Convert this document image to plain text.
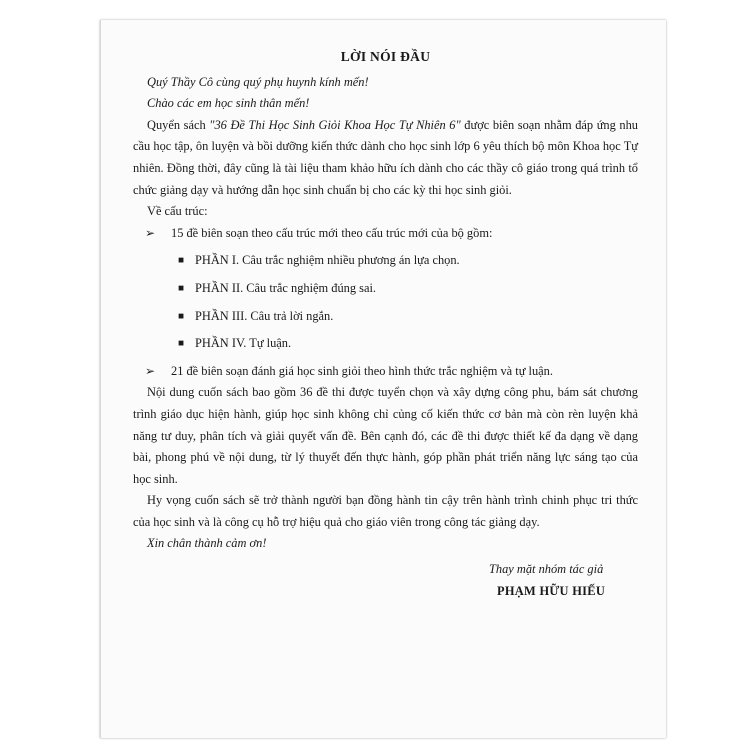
LỜI NÓI ĐẦU

Quý Thầy Cô cùng quý phụ huynh kính mến!

Chào các em học sinh thân mến!

Quyển sách "36 Đề Thi Học Sinh Giỏi Khoa Học Tự Nhiên 6" được biên soạn nhằm đáp ứng nhu cầu học tập, ôn luyện và bồi dưỡng kiến thức dành cho học sinh lớp 6 yêu thích bộ môn Khoa học Tự nhiên. Đồng thời, đây cũng là tài liệu tham khảo hữu ích dành cho các thầy cô giáo trong quá trình tổ chức giảng dạy và hướng dẫn học sinh chuẩn bị cho các kỳ thi học sinh giỏi.

Về cấu trúc:

➢ 15 đề biên soạn theo cấu trúc mới theo cấu trúc mới của bộ gồm:
■ PHẦN I. Câu trắc nghiệm nhiều phương án lựa chọn.
■ PHẦN II. Câu trắc nghiệm đúng sai.
■ PHẦN III. Câu trả lời ngắn.
■ PHẦN IV. Tự luận.
➢ 21 đề biên soạn đánh giá học sinh giỏi theo hình thức trắc nghiệm và tự luận.

Nội dung cuốn sách bao gồm 36 đề thi được tuyển chọn và xây dựng công phu, bám sát chương trình giáo dục hiện hành, giúp học sinh không chỉ củng cố kiến thức cơ bản mà còn rèn luyện khả năng tư duy, phân tích và giải quyết vấn đề. Bên cạnh đó, các đề thi được thiết kế đa dạng về dạng bài, phong phú về nội dung, từ lý thuyết đến thực hành, góp phần phát triển năng lực sáng tạo của học sinh.

Hy vọng cuốn sách sẽ trở thành người bạn đồng hành tin cậy trên hành trình chinh phục tri thức của học sinh và là công cụ hỗ trợ hiệu quả cho giáo viên trong công tác giảng dạy.

Xin chân thành cảm ơn!

Thay mặt nhóm tác giả
PHẠM HỮU HIẾU
